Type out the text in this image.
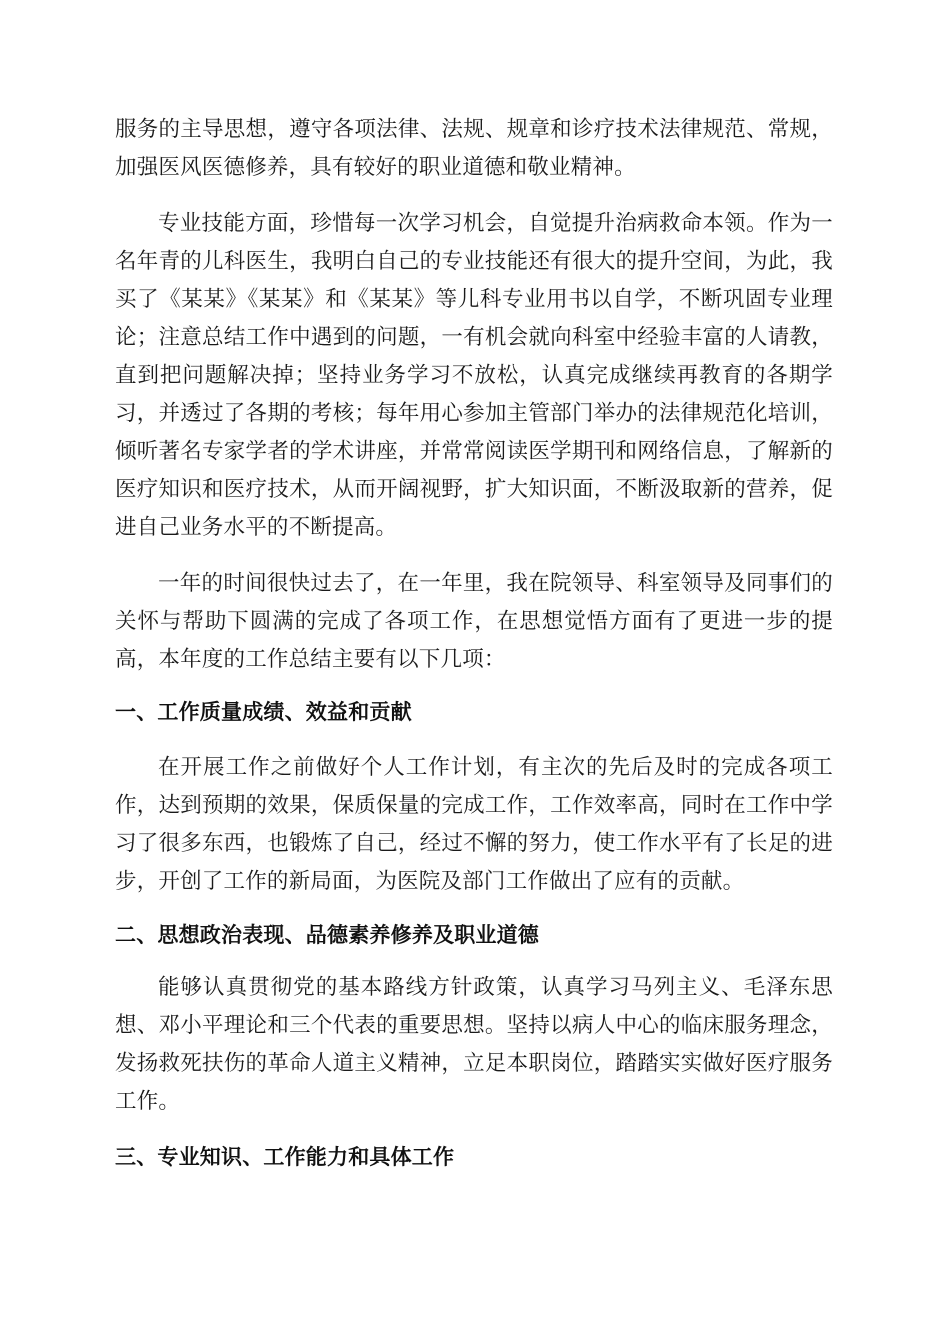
服务的主导思想，遵守各项法律、法规、规章和诊疗技术法律规范、常规，加强医风医德修养，具有较好的职业道德和敬业精神。

专业技能方面，珍惜每一次学习机会，自觉提升治病救命本领。作为一名年青的儿科医生，我明白自己的专业技能还有很大的提升空间，为此，我买了《某某》《某某》和《某某》等儿科专业用书以自学，不断巩固专业理论；注意总结工作中遇到的问题，一有机会就向科室中经验丰富的人请教，直到把问题解决掉；坚持业务学习不放松，认真完成继续再教育的各期学习，并透过了各期的考核；每年用心参加主管部门举办的法律规范化培训，倾听著名专家学者的学术讲座，并常常阅读医学期刊和网络信息，了解新的医疗知识和医疗技术，从而开阔视野，扩大知识面，不断汲取新的营养，促进自己业务水平的不断提高。

一年的时间很快过去了，在一年里，我在院领导、科室领导及同事们的关怀与帮助下圆满的完成了各项工作，在思想觉悟方面有了更进一步的提高，本年度的工作总结主要有以下几项：

一、工作质量成绩、效益和贡献

在开展工作之前做好个人工作计划，有主次的先后及时的完成各项工作，达到预期的效果，保质保量的完成工作，工作效率高，同时在工作中学习了很多东西，也锻炼了自己，经过不懈的努力，使工作水平有了长足的进步，开创了工作的新局面，为医院及部门工作做出了应有的贡献。

二、思想政治表现、品德素养修养及职业道德

能够认真贯彻党的基本路线方针政策，认真学习马列主义、毛泽东思想、邓小平理论和三个代表的重要思想。坚持以病人中心的临床服务理念，发扬救死扶伤的革命人道主义精神，立足本职岗位，踏踏实实做好医疗服务工作。

三、专业知识、工作能力和具体工作
